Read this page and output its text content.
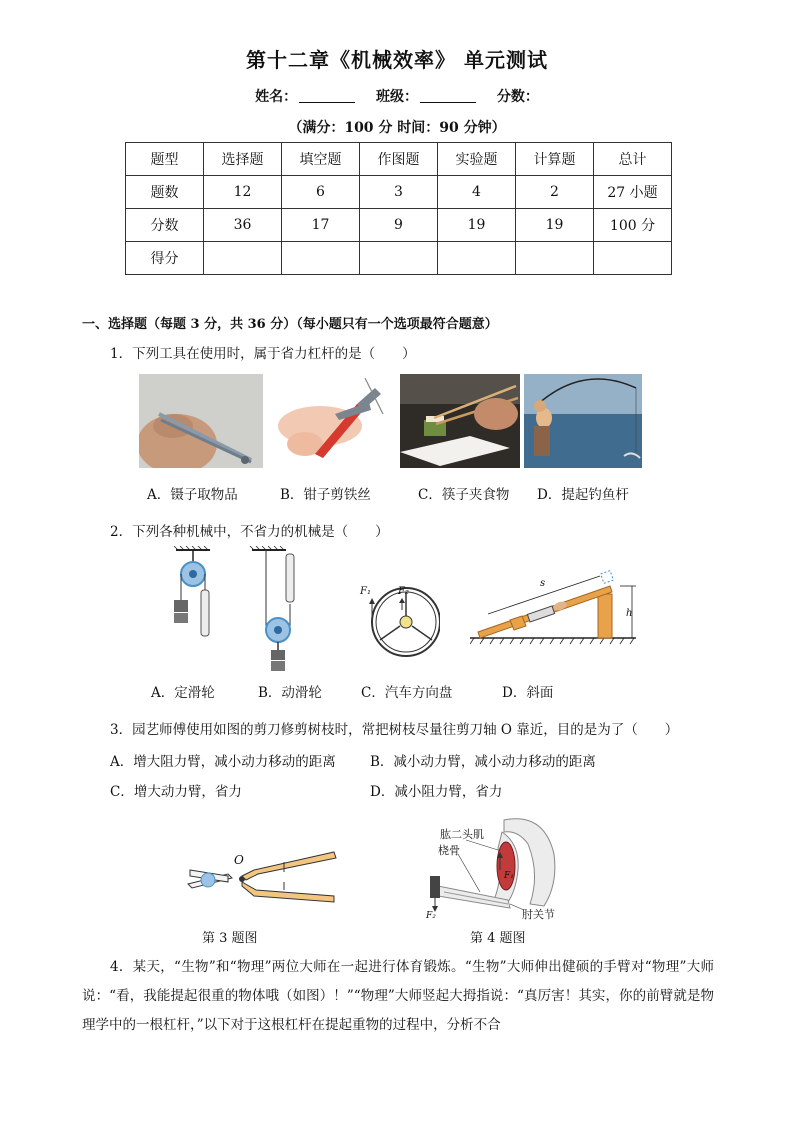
第十二章《机械效率》 单元测试
姓名：	班级：	分数：
（满分：100 分 时间：90 分钟）
题型	选择题	填空题	作图题	实验题	计算题	总计
题数	12	6	3	4	2	27 小题
分数	36	17	9	19	19	100 分
得分						
一、选择题（每题 3 分，共 36 分）（每小题只有一个选项最符合题意）
1．下列工具在使用时，属于省力杠杆的是（　　）
A．镊子取物品	B．钳子剪铁丝	C．筷子夹食物 D．提起钓鱼杆
2．下列各种机械中，不省力的机械是（　　）
F₁	F₂
s
h
A．定滑轮	B．动滑轮	C．汽车方向盘	D．斜面
3．园艺师傅使用如图的剪刀修剪树枝时，常把树枝尽量往剪刀轴 O 靠近，目的是为了（　　）
A．增大阻力臂，减小动力移动的距离	B．减小动力臂，减小动力移动的距离
C．增大动力臂，省力	D．减小阻力臂，省力
O
第 3 题图
肱二头肌
桡骨
肘关节
F₁
F₂
第 4 题图
4．某天，“生物”和“物理”两位大师在一起进行体育锻炼。“生物”大师伸出健硕的手臂对“物理”大师说：“看，我能提起很重的物体哦（如图）！”“物理”大师竖起大拇指说：“真厉害！其实，你的前臂就是物理学中的一根杠杆，”以下对于这根杠杆在提起重物的过程中，分析不合
